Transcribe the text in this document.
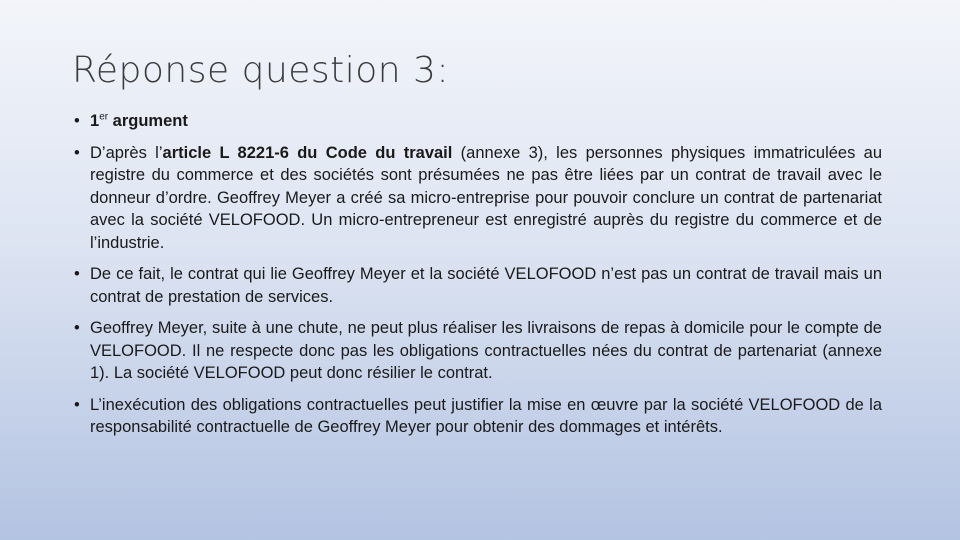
Réponse question 3:
• 1er argument
• D’après l’article L 8221-6 du Code du travail (annexe 3), les personnes physiques immatriculées au registre du commerce et des sociétés sont présumées ne pas être liées par un contrat de travail avec le donneur d’ordre. Geoffrey Meyer a créé sa micro-entreprise pour pouvoir conclure un contrat de partenariat avec la société VELOFOOD. Un micro-entrepreneur est enregistré auprès du registre du commerce et de l’industrie.
• De ce fait, le contrat qui lie Geoffrey Meyer et la société VELOFOOD n’est pas un contrat de travail mais un contrat de prestation de services.
• Geoffrey Meyer, suite à une chute, ne peut plus réaliser les livraisons de repas à domicile pour le compte de VELOFOOD. Il ne respecte donc pas les obligations contractuelles nées du contrat de partenariat (annexe 1). La société VELOFOOD peut donc résilier le contrat.
• L’inexécution des obligations contractuelles peut justifier la mise en œuvre par la société VELOFOOD de la responsabilité contractuelle de Geoffrey Meyer pour obtenir des dommages et intérêts.
